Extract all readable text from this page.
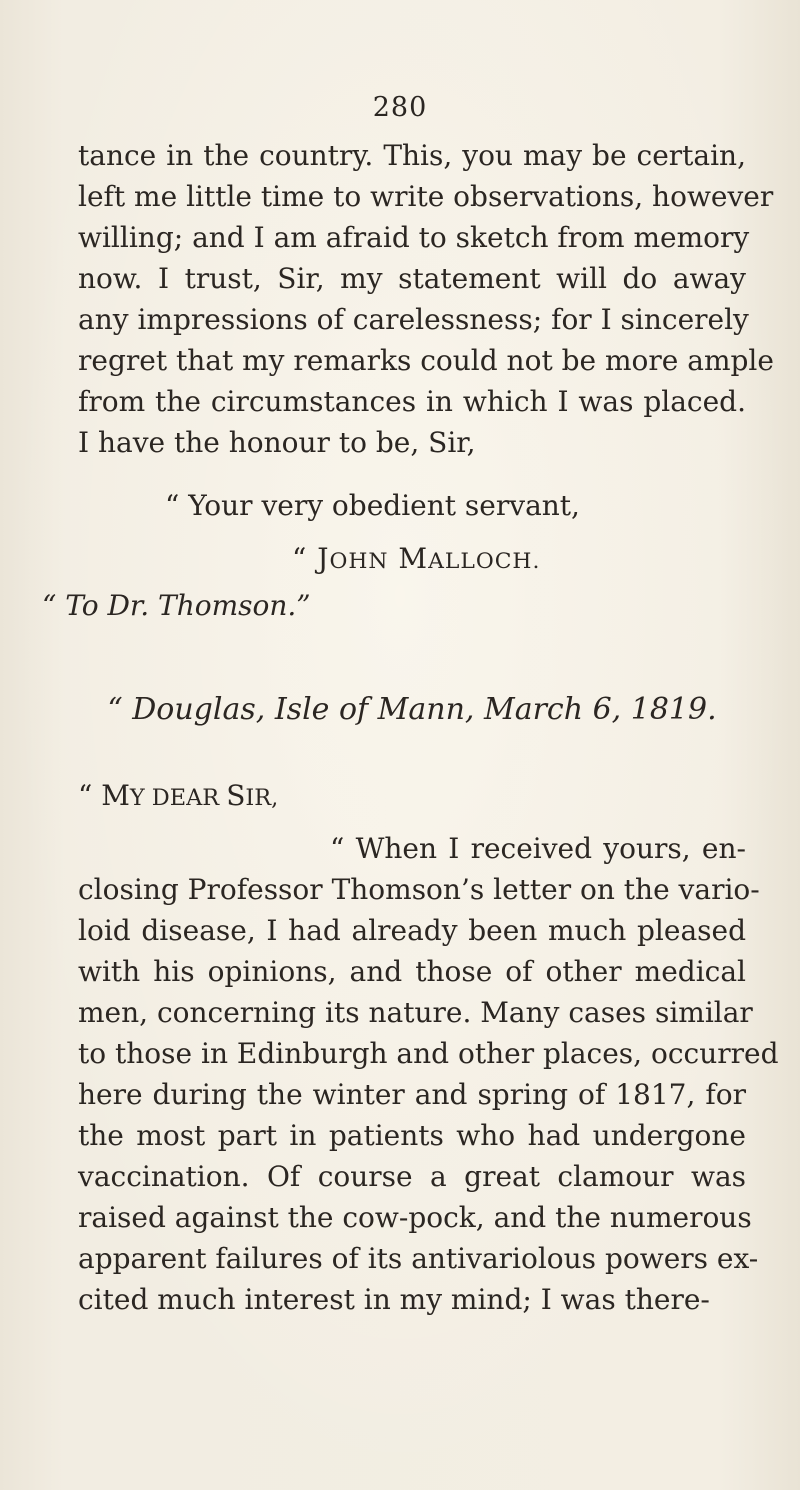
280
tance in the country. This, you may be certain,
left me little time to write observations, however
willing; and I am afraid to sketch from memory
now. I trust, Sir, my statement will do away
any impressions of carelessness; for I sincerely
regret that my remarks could not be more ample
from the circumstances in which I was placed.
I have the honour to be, Sir,
“ Your very obedient servant,
“ JOHN MALLOCH.
“ To Dr. Thomson.”
“ Douglas, Isle of Mann, March 6, 1819.
“ MY DEAR SIR,
“ When I received yours, en-
closing Professor Thomson’s letter on the vario-
loid disease, I had already been much pleased
with his opinions, and those of other medical
men, concerning its nature. Many cases similar
to those in Edinburgh and other places, occurred
here during the winter and spring of 1817, for
the most part in patients who had undergone
vaccination. Of course a great clamour was
raised against the cow-pock, and the numerous
apparent failures of its antivariolous powers ex-
cited much interest in my mind; I was there-
